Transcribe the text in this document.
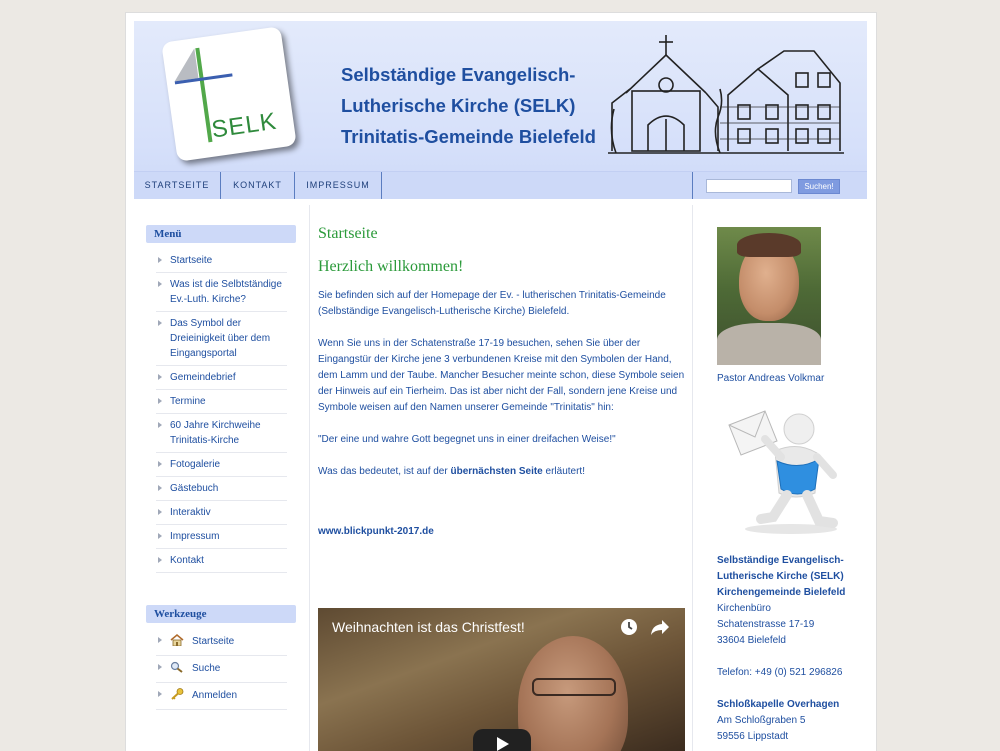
SELK
Selbständige Evangelisch-
Lutherische Kirche (SELK)
Trinitatis-Gemeinde Bielefeld
STARTSEITE	KONTAKT	IMPRESSUM	Suchen!
Menü
Startseite
Was ist die Selbtständige Ev.-Luth. Kirche?
Das Symbol der Dreieinigkeit über dem Eingangsportal
Gemeindebrief
Termine
60 Jahre Kirchweihe Trinitatis-Kirche
Fotogalerie
Gästebuch
Interaktiv
Impressum
Kontakt
Werkzeuge
Startseite
Suche
Anmelden
Startseite
Herzlich willkommen!

Sie befinden sich auf der Homepage der Ev. - lutherischen Trinitatis-Gemeinde (Selbständige Evangelisch-Lutherische Kirche) Bielefeld.

Wenn Sie uns in der Schatenstraße 17-19 besuchen, sehen Sie über der Eingangstür der Kirche jene 3 verbundenen Kreise mit den Symbolen der Hand, dem Lamm und der Taube. Mancher Besucher meinte schon, diese Symbole seien der Hinweis auf ein Tierheim. Das ist aber nicht der Fall, sondern jene Kreise und Symbole weisen auf den Namen unserer Gemeinde "Trinitatis" hin:

"Der eine und wahre Gott begegnet uns in einer dreifachen Weise!"

Was das bedeutet, ist auf der übernächsten Seite erläutert!

www.blickpunkt-2017.de

Weihnachten ist das Christfest!
Pastor Andreas Volkmar
Selbständige Evangelisch-
Lutherische Kirche (SELK)
Kirchengemeinde Bielefeld
Kirchenbüro
Schatenstrasse 17-19
33604 Bielefeld
Telefon: +49 (0) 521 296826
Schloßkapelle Overhagen
Am Schloßgraben 5
59556 Lippstadt
